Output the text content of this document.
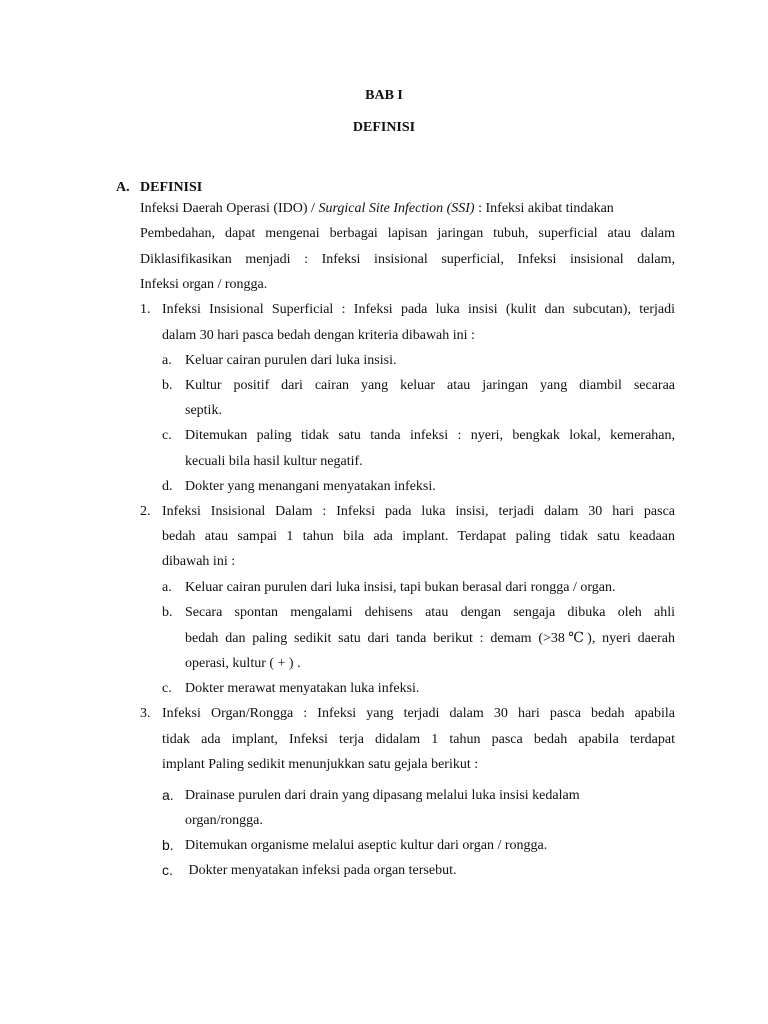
BAB I
DEFINISI
A. DEFINISI
Infeksi Daerah Operasi (IDO) / Surgical Site Infection (SSI) : Infeksi akibat tindakan
Pembedahan, dapat mengenai berbagai lapisan jaringan tubuh, superficial atau dalam
Diklasifikasikan menjadi : Infeksi insisional superficial, Infeksi insisional dalam,
Infeksi organ / rongga.
1. Infeksi Insisional Superficial : Infeksi pada luka insisi (kulit dan subcutan), terjadi
dalam 30 hari pasca bedah dengan kriteria dibawah ini :
a. Keluar cairan purulen dari luka insisi.
b. Kultur positif dari cairan yang keluar atau jaringan yang diambil secaraa
septik.
c. Ditemukan paling tidak satu tanda infeksi : nyeri, bengkak lokal, kemerahan,
kecuali bila hasil kultur negatif.
d. Dokter yang menangani menyatakan infeksi.
2. Infeksi Insisional Dalam : Infeksi pada luka insisi, terjadi dalam 30 hari pasca
bedah atau sampai 1 tahun bila ada implant. Terdapat paling tidak satu keadaan
dibawah ini :
a. Keluar cairan purulen dari luka insisi, tapi bukan berasal dari rongga / organ.
b. Secara spontan mengalami dehisens atau dengan sengaja dibuka oleh ahli
bedah dan paling sedikit satu dari tanda berikut : demam (>38℃), nyeri daerah
operasi, kultur ( + ) .
c. Dokter merawat menyatakan luka infeksi.
3. Infeksi Organ/Rongga : Infeksi yang terjadi dalam 30 hari pasca bedah apabila
tidak ada implant, Infeksi terja didalam 1 tahun pasca bedah apabila terdapat
implant Paling sedikit menunjukkan satu gejala berikut :
a. Drainase purulen dari drain yang dipasang melalui luka insisi kedalam
organ/rongga.
b. Ditemukan organisme melalui aseptic kultur dari organ / rongga.
c. Dokter menyatakan infeksi pada organ tersebut.
